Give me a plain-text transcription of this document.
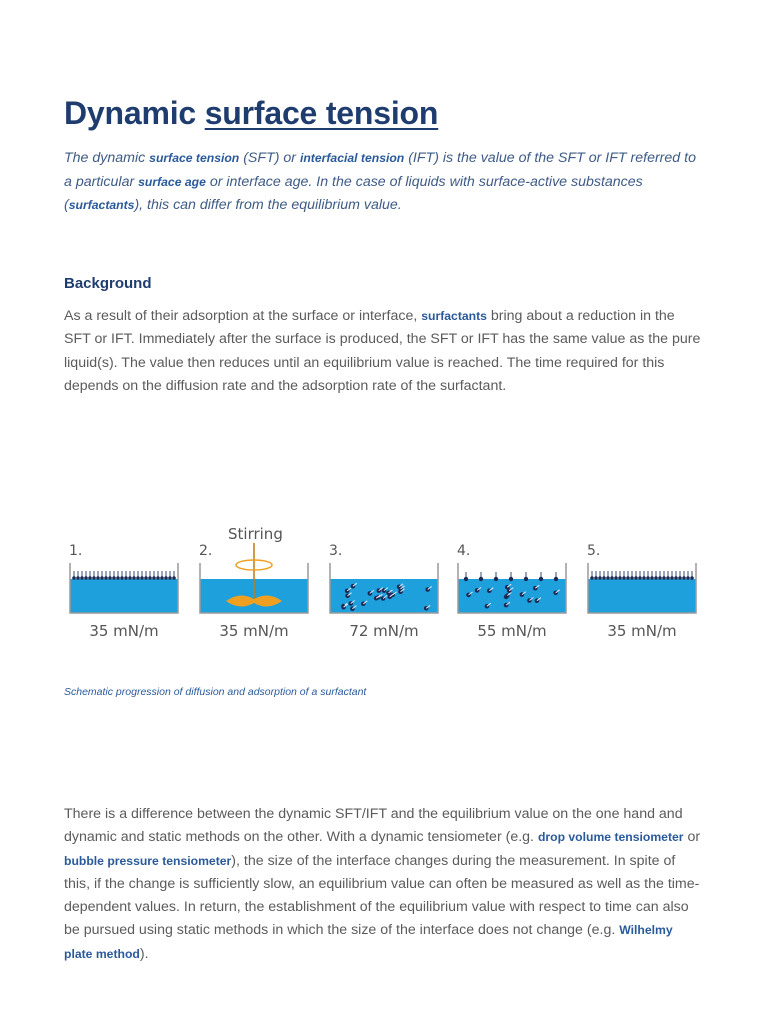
Dynamic surface tension

The dynamic surface tension (SFT) or interfacial tension (IFT) is the value of the SFT or IFT referred to a particular surface age or interface age. In the case of liquids with surface-active substances (surfactants), this can differ from the equilibrium value.

Background

As a result of their adsorption at the surface or interface, surfactants bring about a reduction in the SFT or IFT. Immediately after the surface is produced, the SFT or IFT has the same value as the pure liquid(s). The value then reduces until an equilibrium value is reached. The time required for this depends on the diffusion rate and the adsorption rate of the surfactant.

Stirring
1.
35 mN/m
2.
35 mN/m
3.
72 mN/m
4.
55 mN/m
5.
35 mN/m

Schematic progression of diffusion and adsorption of a surfactant

There is a difference between the dynamic SFT/IFT and the equilibrium value on the one hand and dynamic and static methods on the other. With a dynamic tensiometer (e.g. drop volume tensiometer or bubble pressure tensiometer), the size of the interface changes during the measurement. In spite of this, if the change is sufficiently slow, an equilibrium value can often be measured as well as the time-dependent values. In return, the establishment of the equilibrium value with respect to time can also be pursued using static methods in which the size of the interface does not change (e.g. Wilhelmy plate method).
